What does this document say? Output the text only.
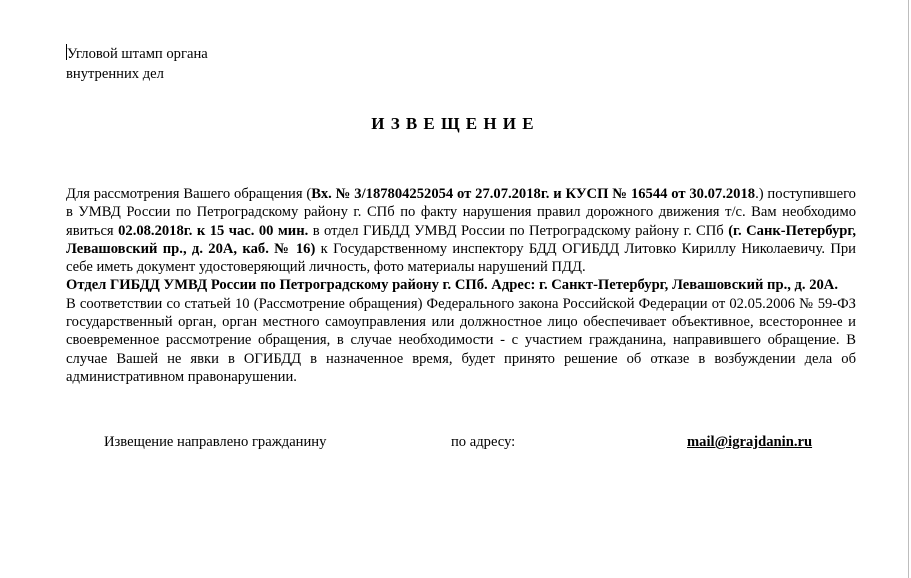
Угловой штамп органа
внутренних дел
ИЗВЕЩЕНИЕ

Для рассмотрения Вашего обращения (Вх. № 3/187804252054 от 27.07.2018г. и КУСП № 16544 от 30.07.2018.) поступившего в УМВД России по Петроградскому району г. СПб по факту нарушения правил дорожного движения т/с. Вам необходимо явиться 02.08.2018г. к 15 час. 00 мин. в отдел ГИБДД УМВД России по Петроградскому району г. СПб (г. Санк-Петербург, Левашовский пр., д. 20А, каб. № 16) к Государственному инспектору БДД ОГИБДД Литовко Кириллу Николаевичу. При себе иметь документ удостоверяющий личность, фото материалы нарушений ПДД.

Отдел ГИБДД УМВД России по Петроградскому району г. СПб. Адрес: г. Санкт-Петербург, Левашовский пр., д. 20А.

В соответствии со статьей 10 (Рассмотрение обращения) Федерального закона Российской Федерации от 02.05.2006 № 59-ФЗ государственный орган, орган местного самоуправления или должностное лицо обеспечивает объективное, всестороннее и своевременное рассмотрение обращения, в случае необходимости - с участием гражданина, направившего обращение. В случае Вашей не явки в ОГИБДД в назначенное время, будет принято решение об отказе в возбуждении дела об административном правонарушении.

Извещение направлено гражданину	по адресу:	mail@igrajdanin.ru
